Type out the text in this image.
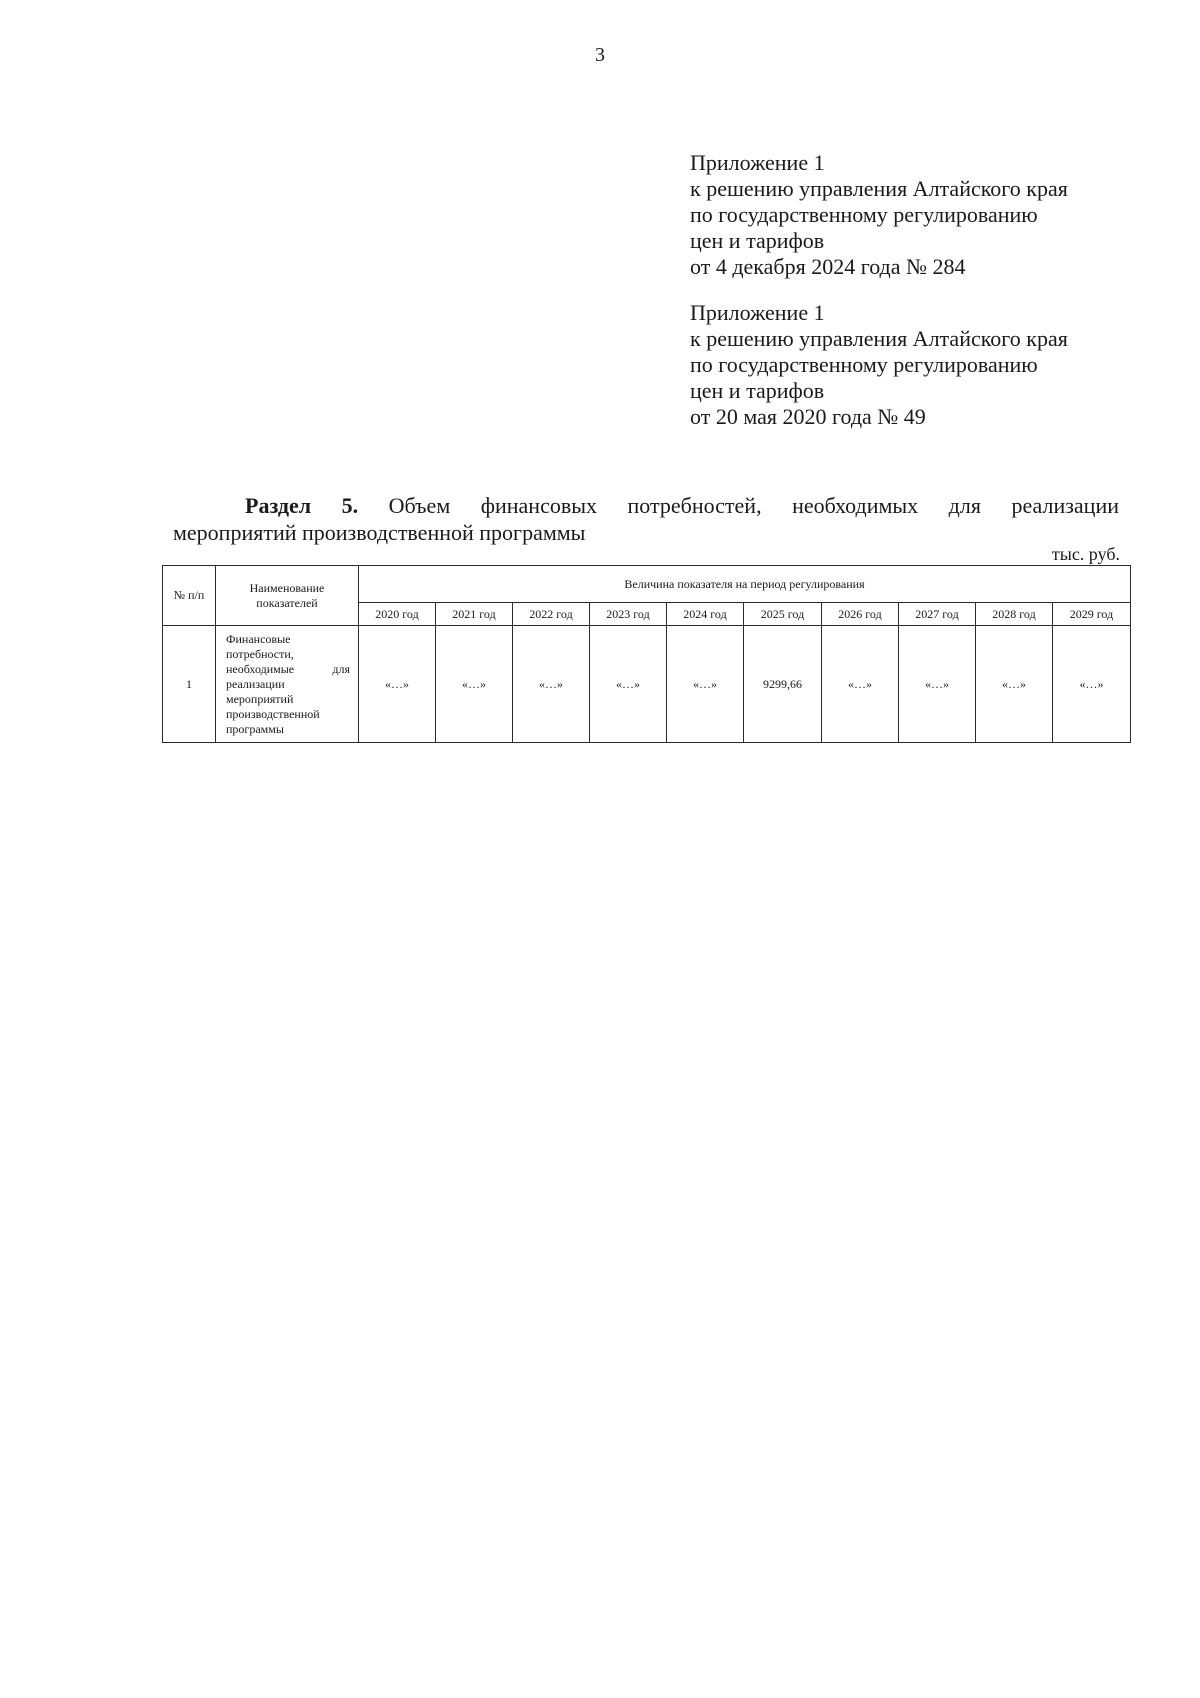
3
Приложение 1
к решению управления Алтайского края
по государственному регулированию
цен и тарифов
от 4 декабря 2024 года № 284
Приложение 1
к решению управления Алтайского края
по государственному регулированию
цен и тарифов
от 20 мая 2020 года № 49
Раздел 5. Объем финансовых потребностей, необходимых для реализации
мероприятий производственной программы
тыс. руб.
№ п/п	Наименование показателей	Величина показателя на период регулирования									
		2020 год	2021 год	2022 год	2023 год	2024 год	2025 год	2026 год	2027 год	2028 год	2029 год
1	Финансовые потребности, необходимые для реализации мероприятий производственной программы	«…»	«…»	«…»	«…»	«…»	9299,66	«…»	«…»	«…»	«…»
